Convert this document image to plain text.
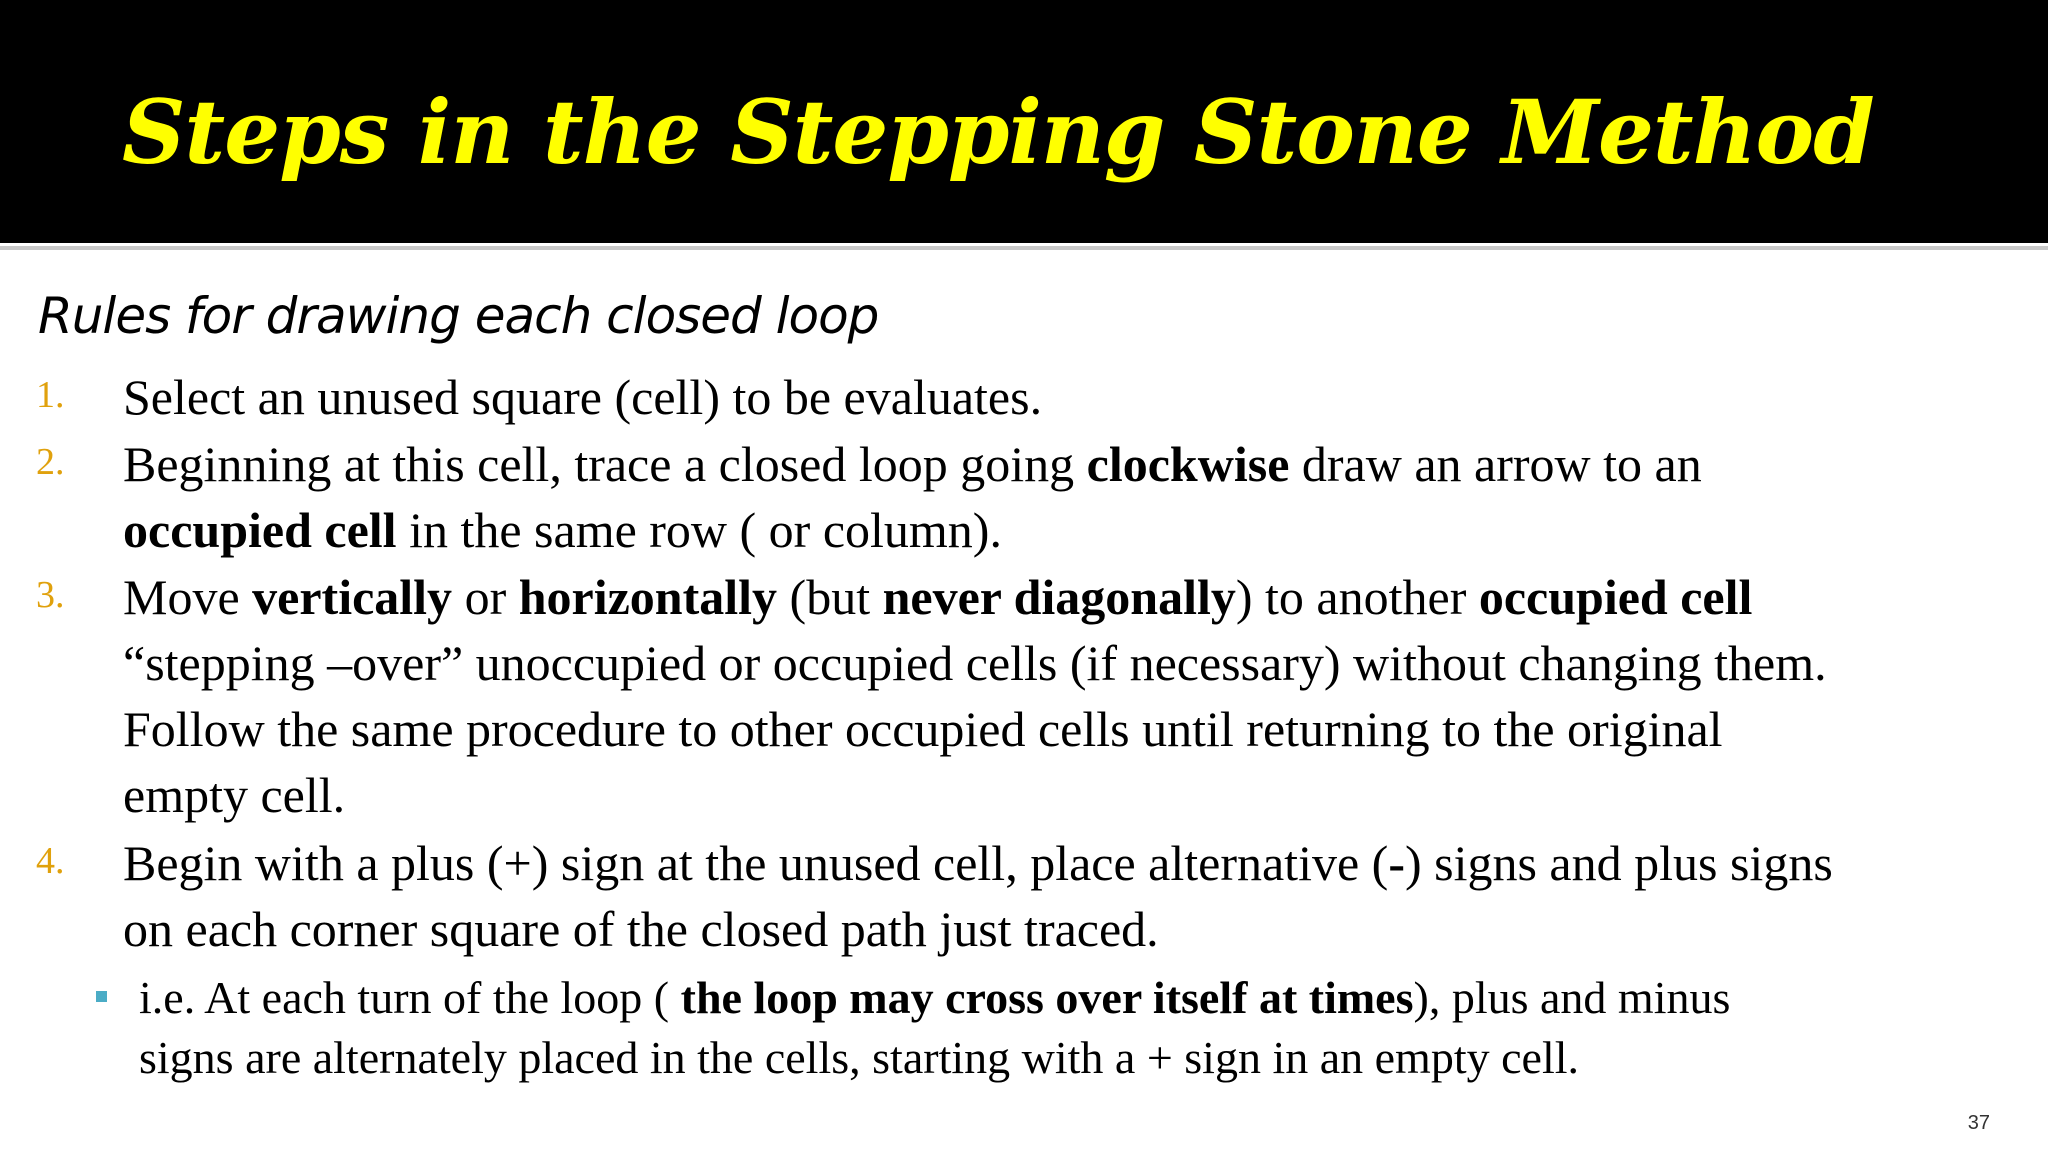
Steps in the Stepping Stone Method
Rules for drawing each closed loop
1. Select an unused square (cell) to be evaluates.
2. Beginning at this cell, trace a closed loop going clockwise draw an arrow to an
occupied cell in the same row ( or column).
3. Move vertically or horizontally (but never diagonally) to another occupied cell
“stepping –over” unoccupied or occupied cells (if necessary) without changing them.
Follow the same procedure to other occupied cells until returning to the original
empty cell.
4. Begin with a plus (+) sign at the unused cell, place alternative (-) signs and plus signs
on each corner square of the closed path just traced.
i.e. At each turn of the loop ( the loop may cross over itself at times), plus and minus
signs are alternately placed in the cells, starting with a + sign in an empty cell.
37
